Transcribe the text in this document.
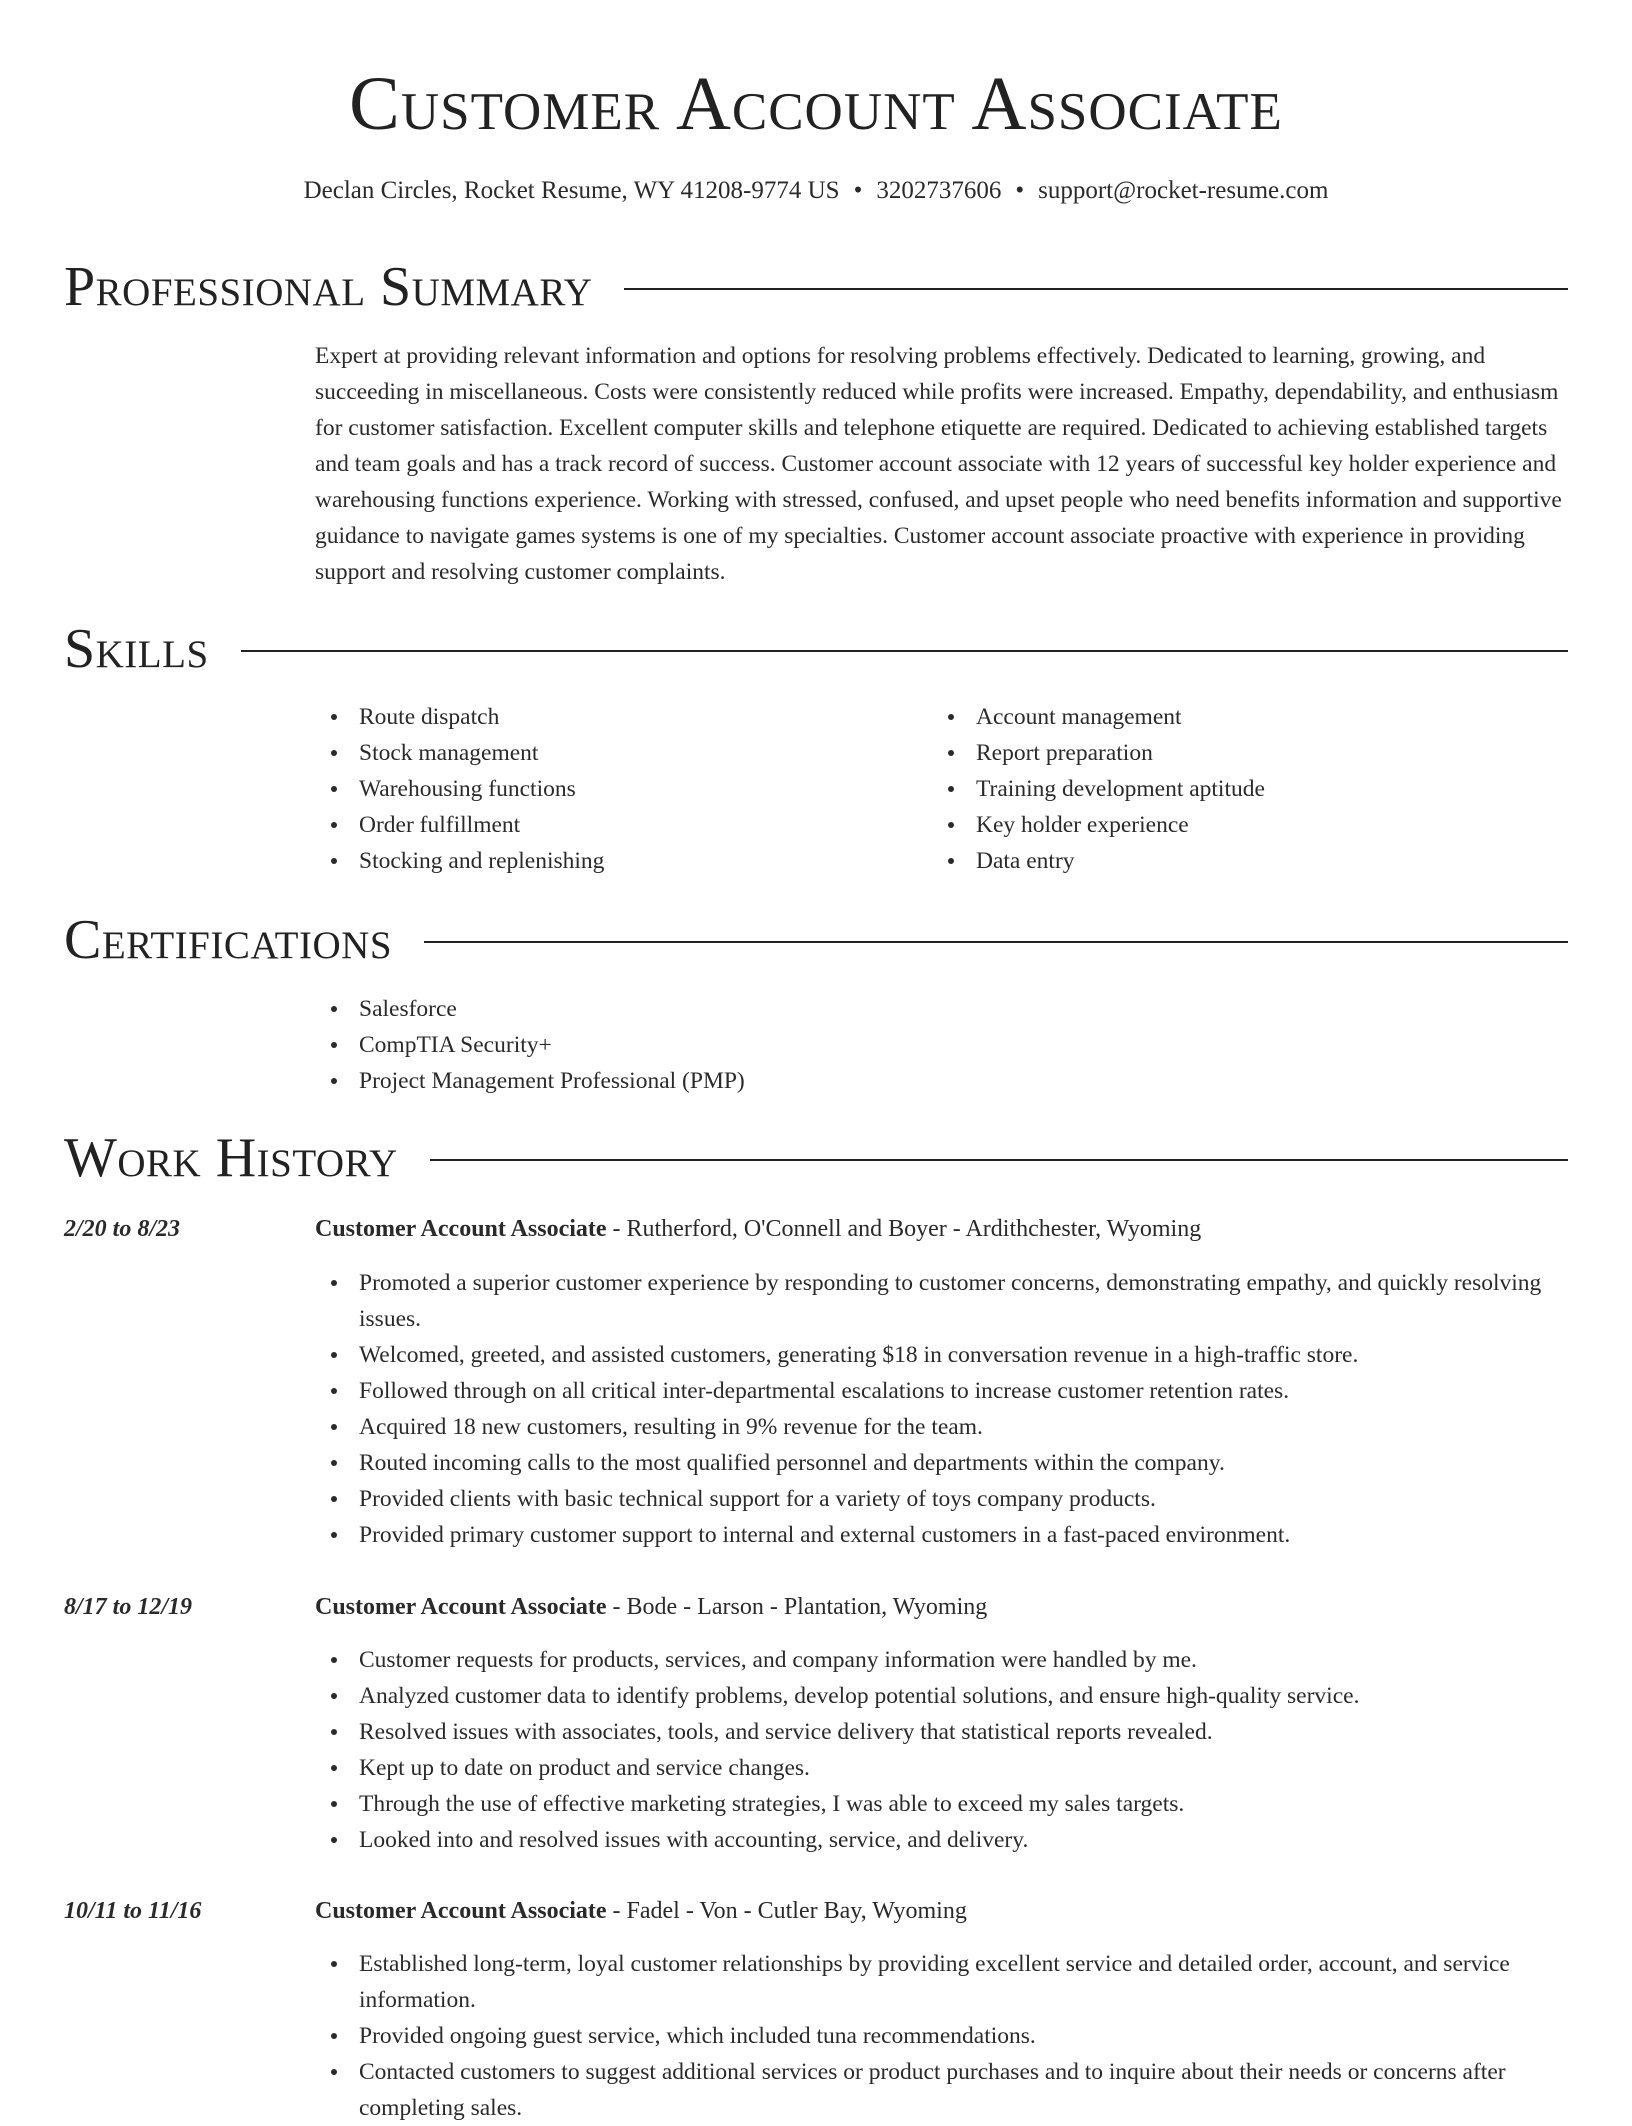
Customer Account Associate
Declan Circles, Rocket Resume, WY 41208-9774 US • 3202737606 • support@rocket-resume.com
Professional Summary

Expert at providing relevant information and options for resolving problems effectively. Dedicated to learning, growing, and succeeding in miscellaneous. Costs were consistently reduced while profits were increased. Empathy, dependability, and enthusiasm for customer satisfaction. Excellent computer skills and telephone etiquette are required. Dedicated to achieving established targets and team goals and has a track record of success. Customer account associate with 12 years of successful key holder experience and warehousing functions experience. Working with stressed, confused, and upset people who need benefits information and supportive guidance to navigate games systems is one of my specialties. Customer account associate proactive with experience in providing support and resolving customer complaints.

Skills
Route dispatch
Stock management
Warehousing functions
Order fulfillment
Stocking and replenishing
Account management
Report preparation
Training development aptitude
Key holder experience
Data entry
Certifications
Salesforce
CompTIA Security+
Project Management Professional (PMP)
Work History
2/20 to 8/23	Customer Account Associate - Rutherford, O'Connell and Boyer - Ardithchester, Wyoming
Promoted a superior customer experience by responding to customer concerns, demonstrating empathy, and quickly resolving issues.
Welcomed, greeted, and assisted customers, generating $18 in conversation revenue in a high-traffic store.
Followed through on all critical inter-departmental escalations to increase customer retention rates.
Acquired 18 new customers, resulting in 9% revenue for the team.
Routed incoming calls to the most qualified personnel and departments within the company.
Provided clients with basic technical support for a variety of toys company products.
Provided primary customer support to internal and external customers in a fast-paced environment.
8/17 to 12/19	Customer Account Associate - Bode - Larson - Plantation, Wyoming
Customer requests for products, services, and company information were handled by me.
Analyzed customer data to identify problems, develop potential solutions, and ensure high-quality service.
Resolved issues with associates, tools, and service delivery that statistical reports revealed.
Kept up to date on product and service changes.
Through the use of effective marketing strategies, I was able to exceed my sales targets.
Looked into and resolved issues with accounting, service, and delivery.
10/11 to 11/16	Customer Account Associate - Fadel - Von - Cutler Bay, Wyoming
Established long-term, loyal customer relationships by providing excellent service and detailed order, account, and service information.
Provided ongoing guest service, which included tuna recommendations.
Contacted customers to suggest additional services or product purchases and to inquire about their needs or concerns after completing sales.
